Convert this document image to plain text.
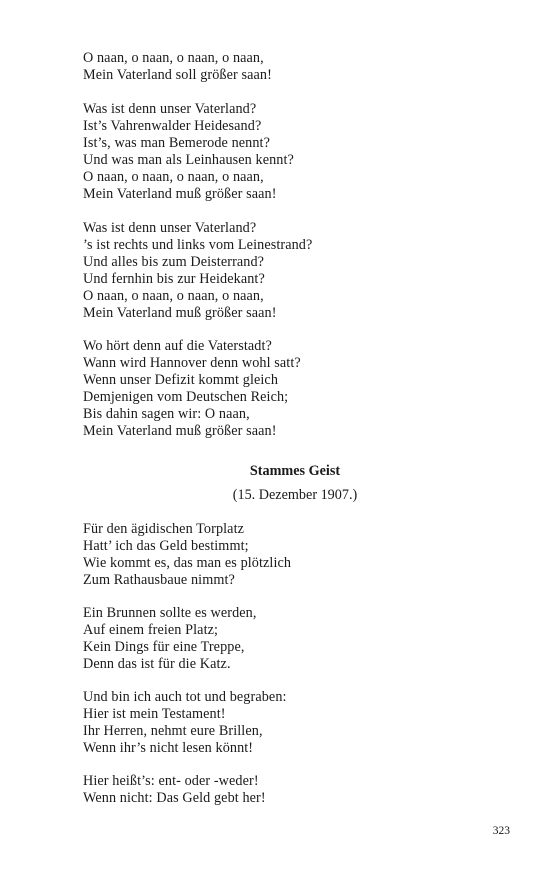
O naan, o naan, o naan, o naan,
Mein Vaterland soll größer saan!
Was ist denn unser Vaterland?
Ist’s Vahrenwalder Heidesand?
Ist’s, was man Bemerode nennt?
Und was man als Leinhausen kennt?
O naan, o naan, o naan, o naan,
Mein Vaterland muß größer saan!
Was ist denn unser Vaterland?
’s ist rechts und links vom Leinestrand?
Und alles bis zum Deisterrand?
Und fernhin bis zur Heidekant?
O naan, o naan, o naan, o naan,
Mein Vaterland muß größer saan!
Wo hört denn auf die Vaterstadt?
Wann wird Hannover denn wohl satt?
Wenn unser Defizit kommt gleich
Demjenigen vom Deutschen Reich;
Bis dahin sagen wir: O naan,
Mein Vaterland muß größer saan!
Stammes Geist
(15. Dezember 1907.)
Für den ägidischen Torplatz
Hatt’ ich das Geld bestimmt;
Wie kommt es, das man es plötzlich
Zum Rathausbaue nimmt?
Ein Brunnen sollte es werden,
Auf einem freien Platz;
Kein Dings für eine Treppe,
Denn das ist für die Katz.
Und bin ich auch tot und begraben:
Hier ist mein Testament!
Ihr Herren, nehmt eure Brillen,
Wenn ihr’s nicht lesen könnt!
Hier heißt’s: ent- oder -weder!
Wenn nicht: Das Geld gebt her!
323
